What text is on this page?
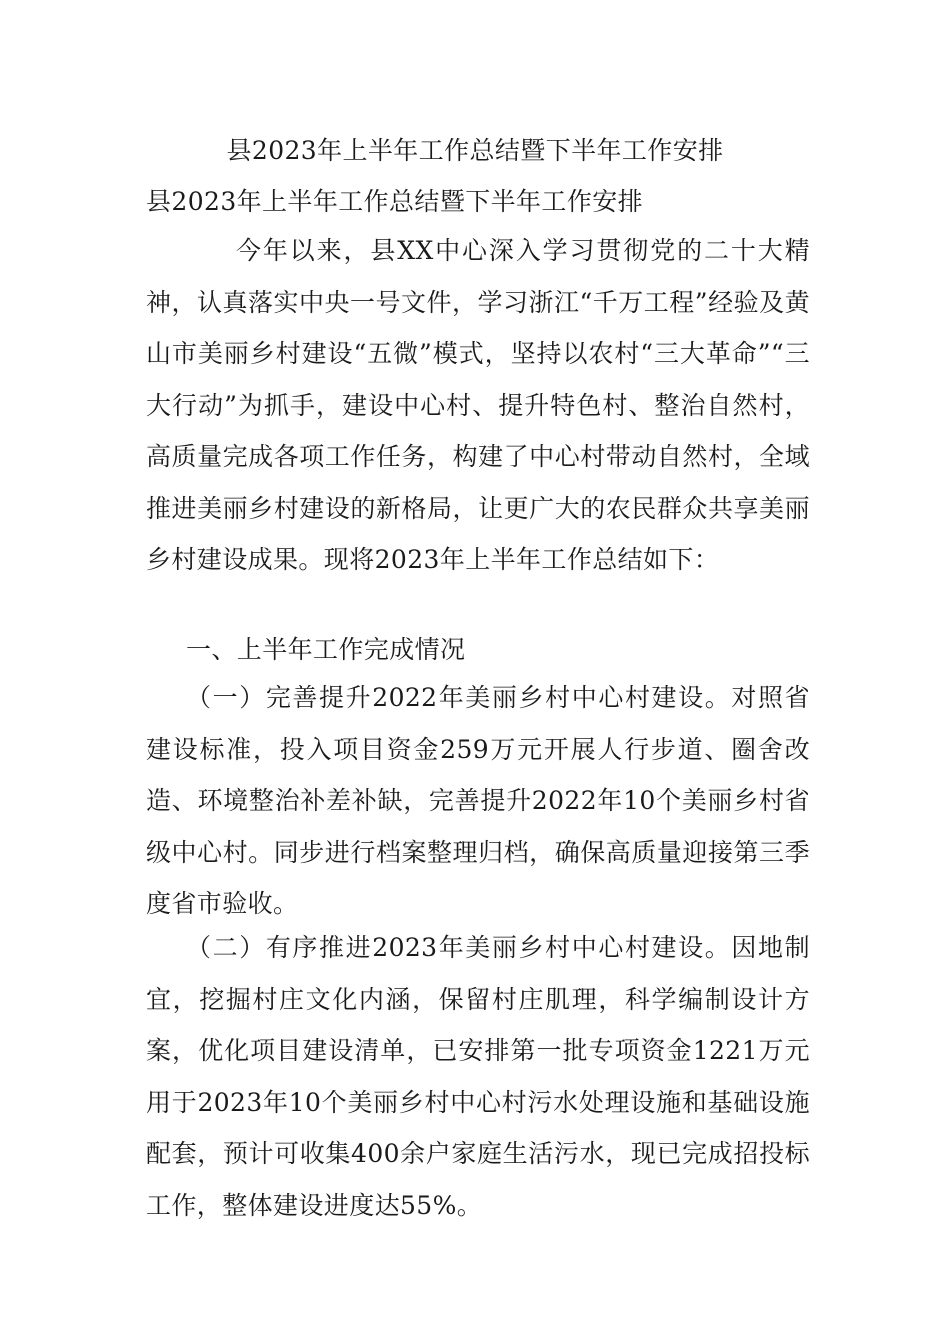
县2023年上半年工作总结暨下半年工作安排
县2023年上半年工作总结暨下半年工作安排
今年以来，县XX中心深入学习贯彻党的二十大精神，认真落实中央一号文件，学习浙江“千万工程”经验及黄山市美丽乡村建设“五微”模式，坚持以农村“三大革命”“三大行动”为抓手，建设中心村、提升特色村、整治自然村，高质量完成各项工作任务，构建了中心村带动自然村，全域推进美丽乡村建设的新格局，让更广大的农民群众共享美丽乡村建设成果。现将2023年上半年工作总结如下：
一、上半年工作完成情况
（一）完善提升2022年美丽乡村中心村建设。对照省建设标准，投入项目资金259万元开展人行步道、圈舍改造、环境整治补差补缺，完善提升2022年10个美丽乡村省级中心村。同步进行档案整理归档，确保高质量迎接第三季度省市验收。
（二）有序推进2023年美丽乡村中心村建设。因地制宜，挖掘村庄文化内涵，保留村庄肌理，科学编制设计方案，优化项目建设清单，已安排第一批专项资金1221万元用于2023年10个美丽乡村中心村污水处理设施和基础设施配套，预计可收集400余户家庭生活污水，现已完成招投标工作，整体建设进度达55%。
